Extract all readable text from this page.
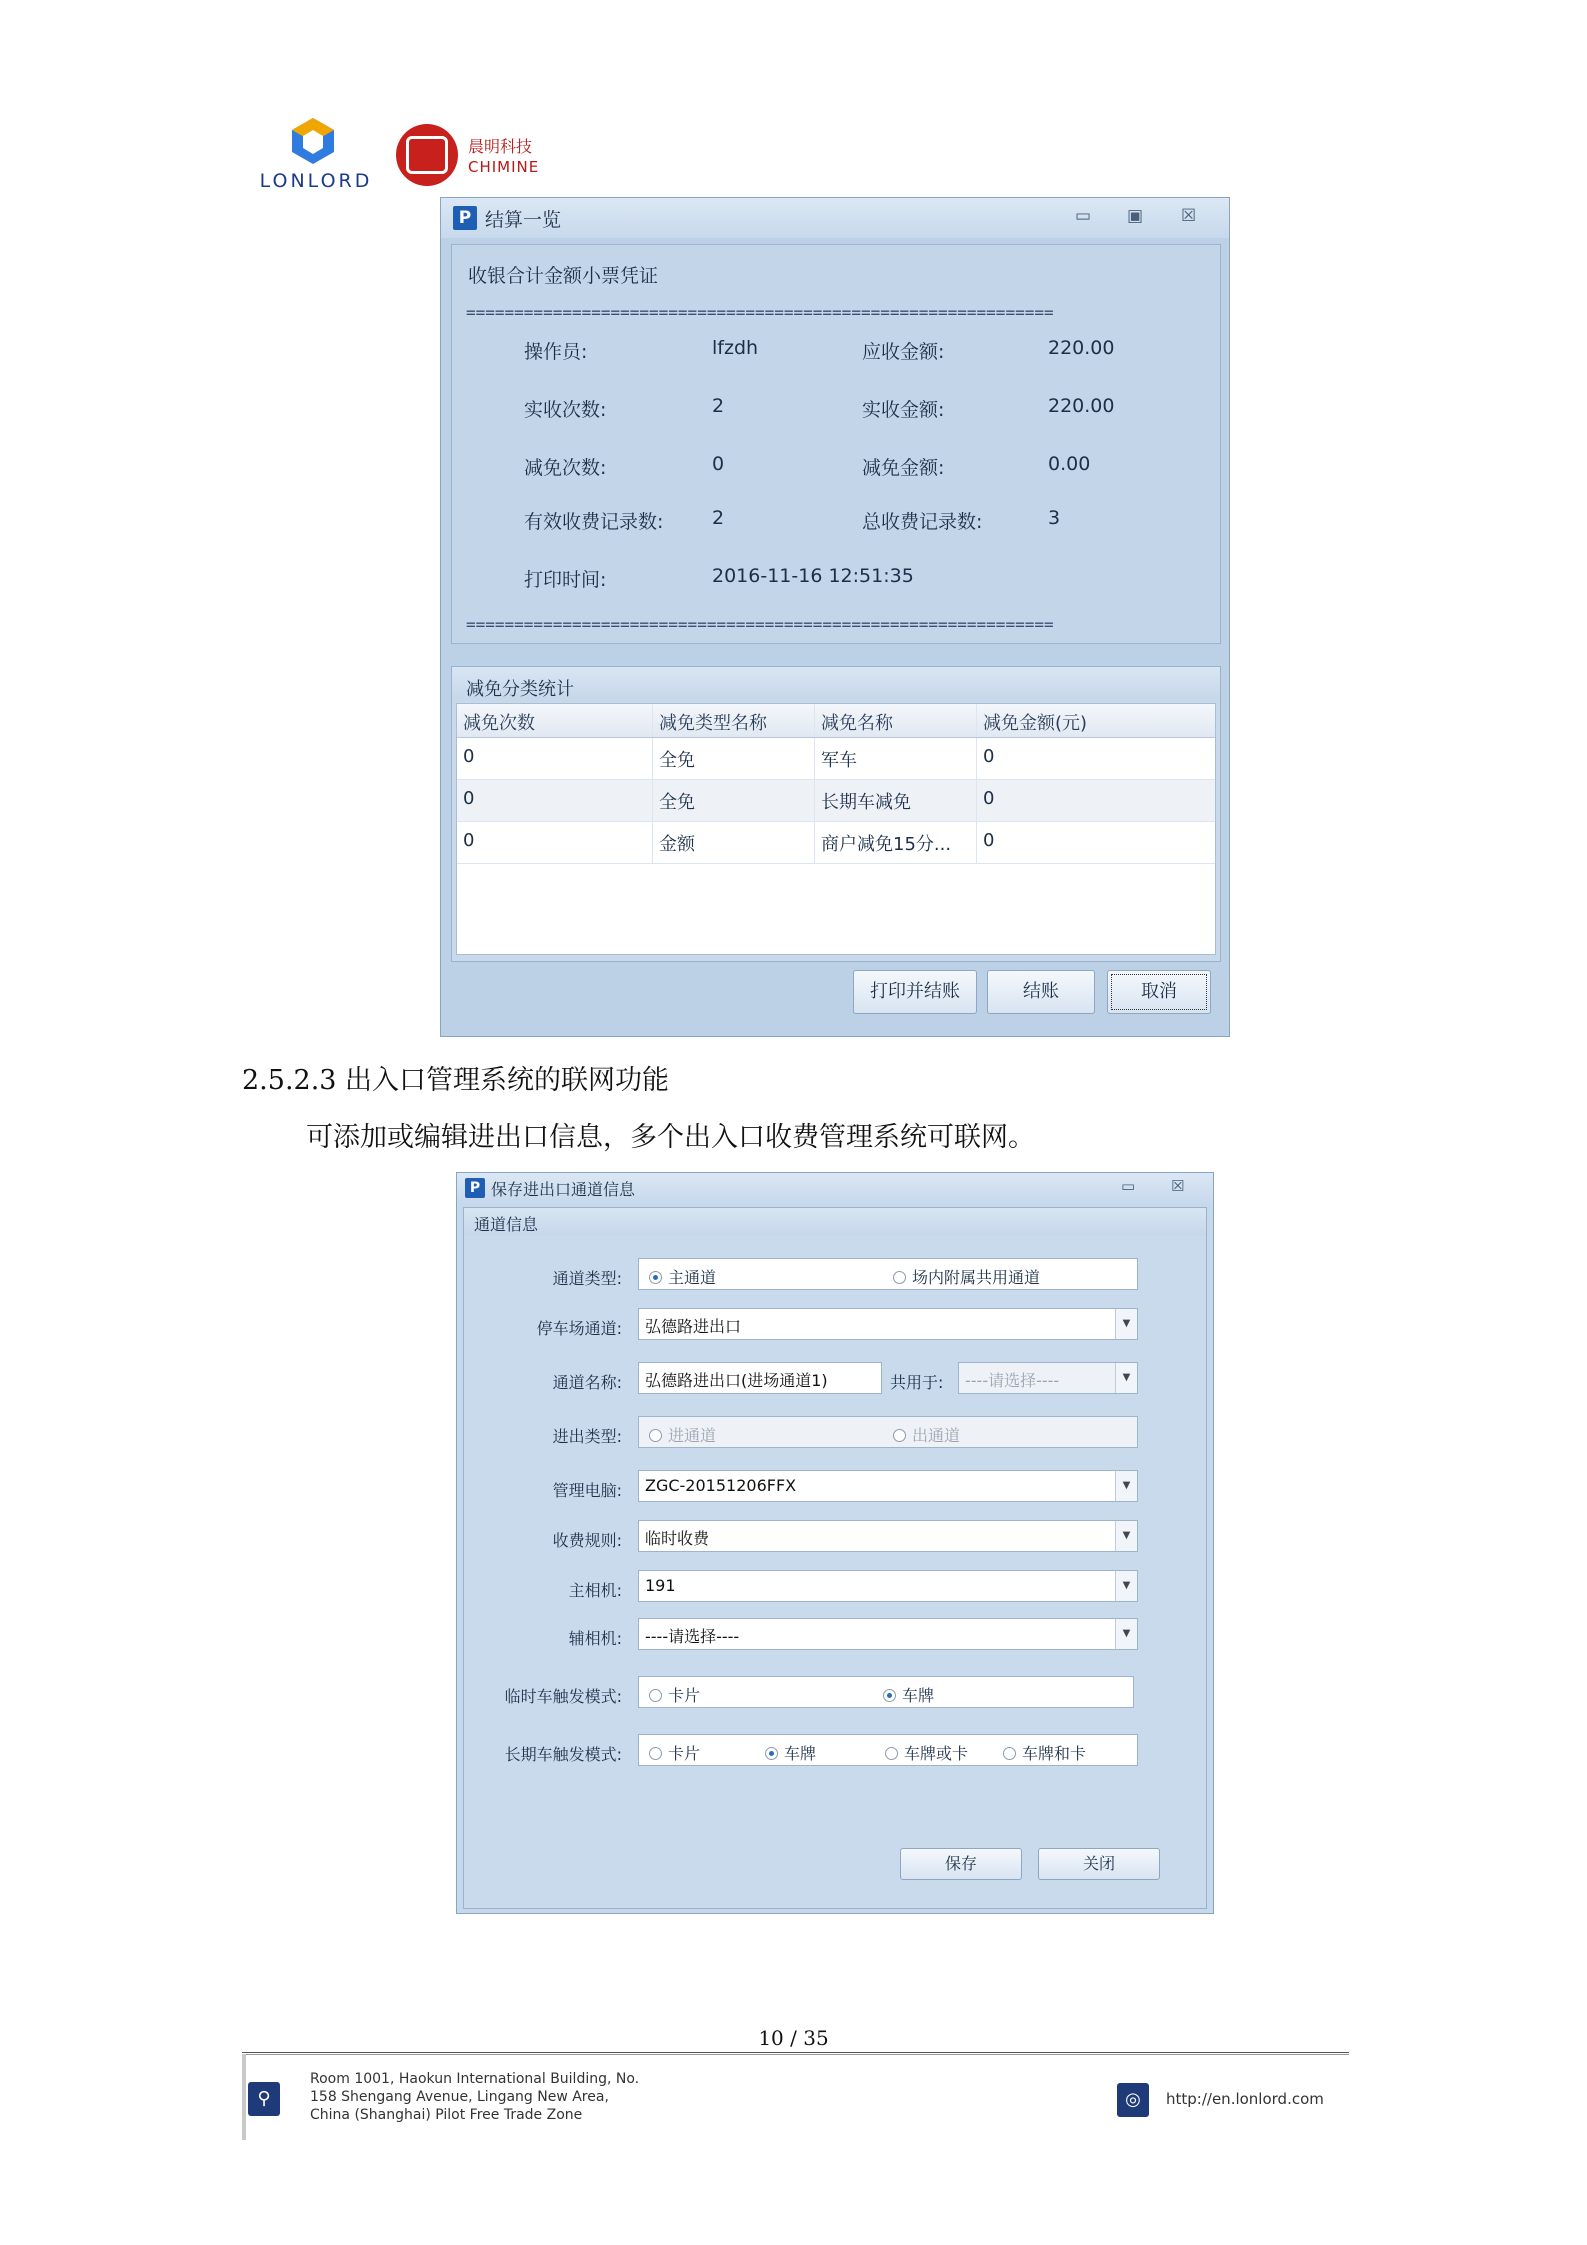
LONLORD
晨明科技
CHIMINE
P 结算一览	▭ ▣ ☒
收银合计金额小票凭证
=============================================================
操作员:	lfzdh	应收金额:	220.00
实收次数:	2	实收金额:	220.00
减免次数:	0	减免金额:	0.00
有效收费记录数:	2	总收费记录数:	3
打印时间:	2016-11-16 12:51:35
=============================================================
减免分类统计
减免次数	减免类型名称	减免名称	减免金额(元)
0	全免	军车	0
0	全免	长期车减免	0
0	金额	商户减免15分...	0
打印并结账	结账	取消
2.5.2.3 出入口管理系统的联网功能
可添加或编辑进出口信息，多个出入口收费管理系统可联网。
P 保存进出口通道信息	▭ ☒
通道信息
通道类型:	主通道	场内附属共用通道
停车场通道:	弘德路进出口	▼
通道名称:	弘德路进出口(进场通道1)	共用于:	----请选择----	▼
进出类型:	进通道	出通道
管理电脑:	ZGC-20151206FFX	▼
收费规则:	临时收费	▼
主相机:	191	▼
辅相机:	----请选择----	▼
临时车触发模式:	卡片	车牌
长期车触发模式:	卡片	车牌	车牌或卡	车牌和卡
保存	关闭
10 / 35
⚲
Room 1001, Haokun International Building, No.
158 Shengang Avenue, Lingang New Area,
China (Shanghai) Pilot Free Trade Zone
◎	http://en.lonlord.com
